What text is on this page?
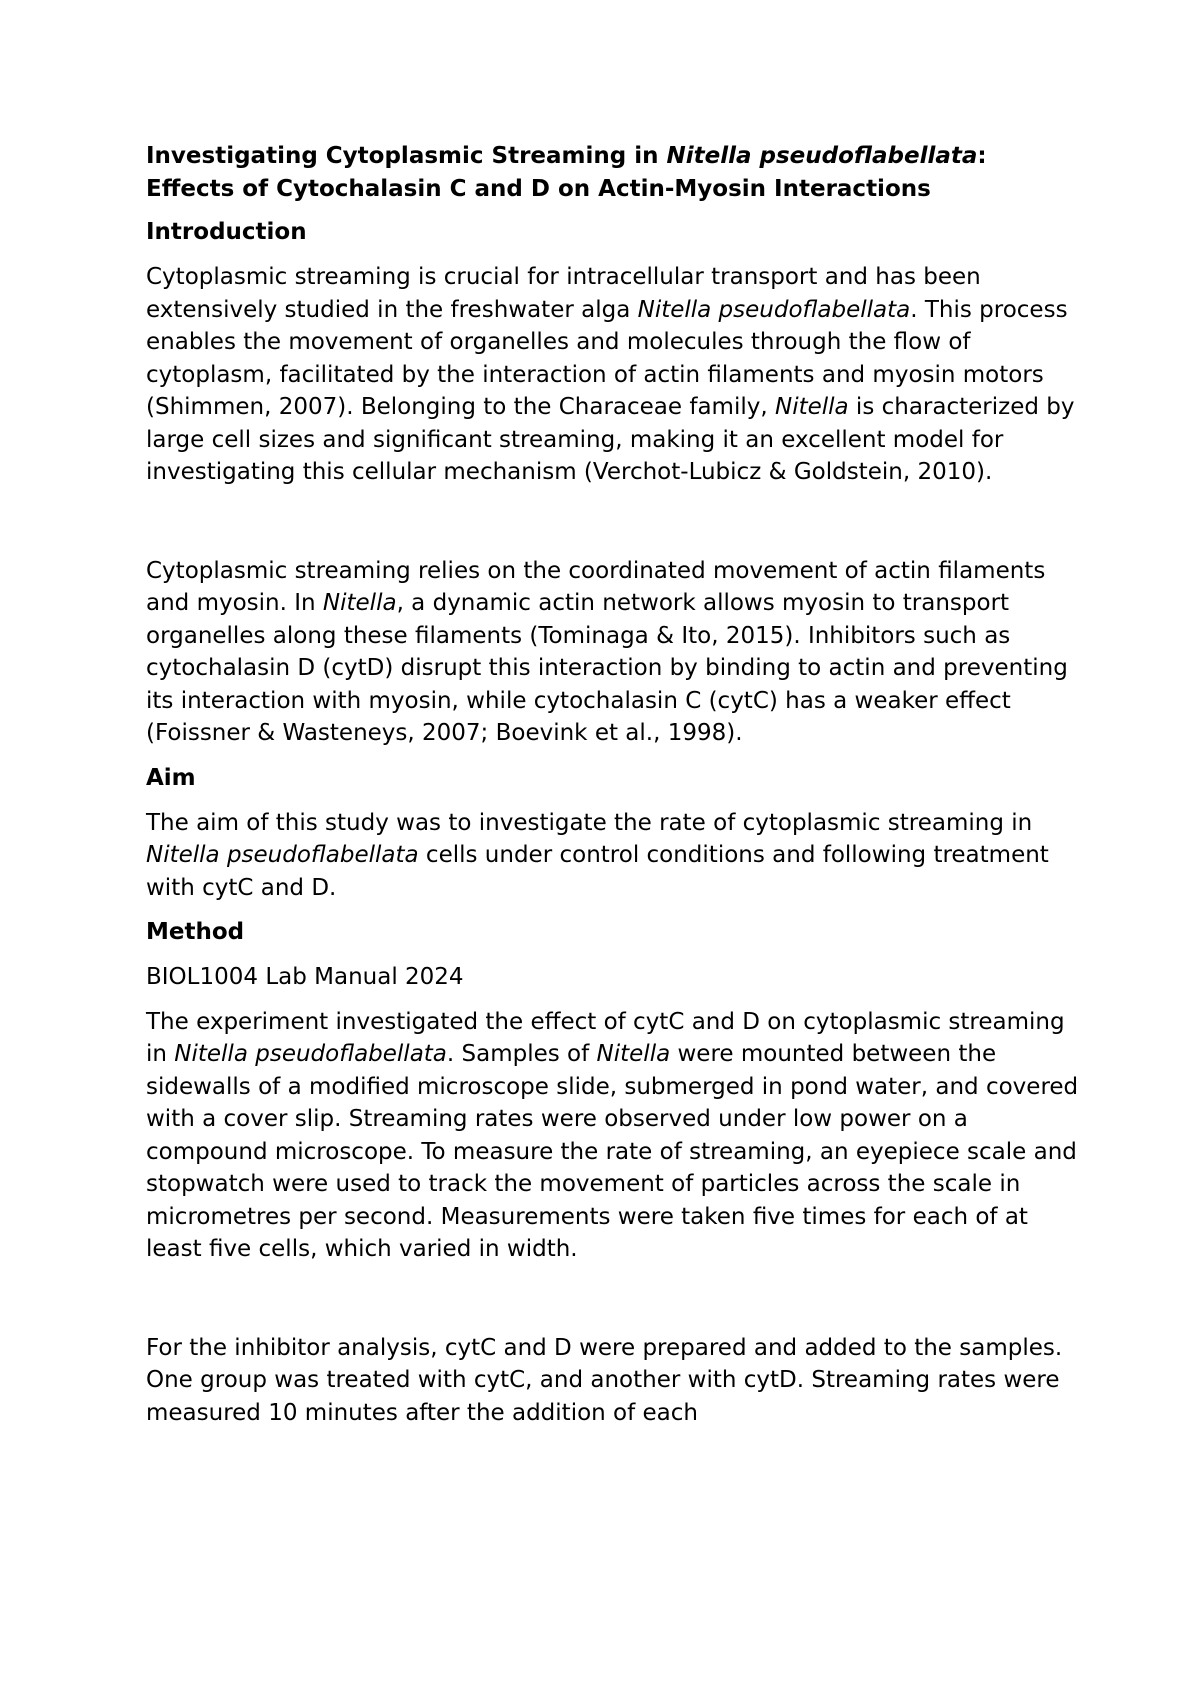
Investigating Cytoplasmic Streaming in Nitella pseudoflabellata:
Effects of Cytochalasin C and D on Actin-Myosin Interactions
Introduction

Cytoplasmic streaming is crucial for intracellular transport and has been extensively studied in the freshwater alga Nitella pseudoflabellata. This process enables the movement of organelles and molecules through the flow of cytoplasm, facilitated by the interaction of actin filaments and myosin motors (Shimmen, 2007). Belonging to the Characeae family, Nitella is characterized by large cell sizes and significant streaming, making it an excellent model for investigating this cellular mechanism (Verchot-Lubicz & Goldstein, 2010).

Cytoplasmic streaming relies on the coordinated movement of actin filaments and myosin. In Nitella, a dynamic actin network allows myosin to transport organelles along these filaments (Tominaga & Ito, 2015). Inhibitors such as cytochalasin D (cytD) disrupt this interaction by binding to actin and preventing its interaction with myosin, while cytochalasin C (cytC) has a weaker effect (Foissner & Wasteneys, 2007; Boevink et al., 1998).

Aim

The aim of this study was to investigate the rate of cytoplasmic streaming in Nitella pseudoflabellata cells under control conditions and following treatment with cytC and D.

Method

BIOL1004 Lab Manual 2024

The experiment investigated the effect of cytC and D on cytoplasmic streaming in Nitella pseudoflabellata. Samples of Nitella were mounted between the sidewalls of a modified microscope slide, submerged in pond water, and covered with a cover slip. Streaming rates were observed under low power on a compound microscope. To measure the rate of streaming, an eyepiece scale and stopwatch were used to track the movement of particles across the scale in micrometres per second. Measurements were taken five times for each of at least five cells, which varied in width.

For the inhibitor analysis, cytC and D were prepared and added to the samples. One group was treated with cytC, and another with cytD. Streaming rates were measured 10 minutes after the addition of each
